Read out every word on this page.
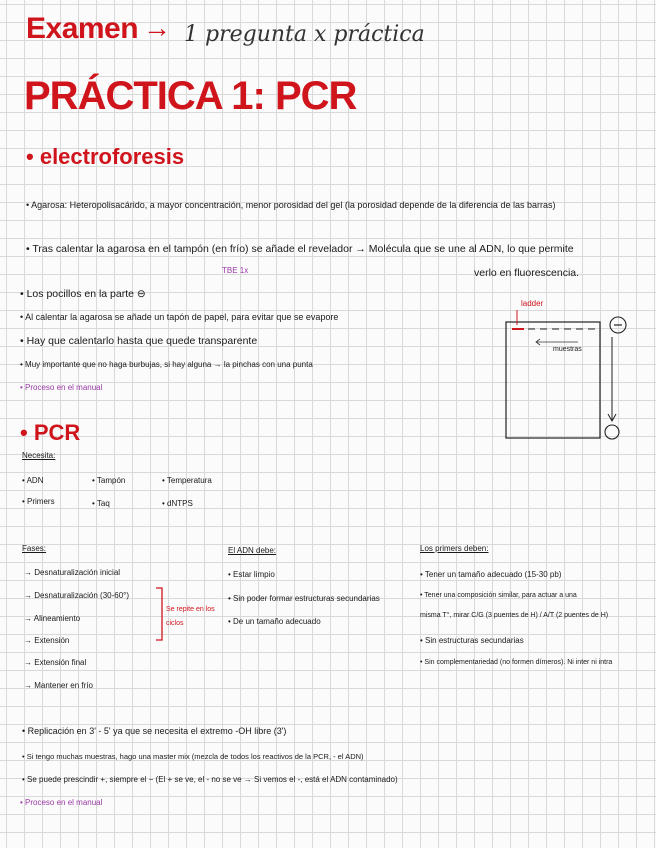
Examen → 1 pregunta x práctica
PRÁCTICA 1: PCR
• electroforesis
• Agarosa: Heteropolisacárido, a mayor concentración, menor porosidad del gel (la porosidad depende de la diferencia de las barras)
• Tras calentar la agarosa en el tampón (en frío) se añade el revelador → Molécula que se une al ADN, lo que permite
TBE 1x	verlo en fluorescencia.
• Los pocillos en la parte ⊖
• Al calentar la agarosa se añade un tapón de papel, para evitar que se evapore
• Hay que calentarlo hasta que quede transparente
• Muy importante que no haga burbujas, si hay alguna → la pinchas con una punta
• Proceso en el manual
ladder
muestras
• PCR
Necesita:
• ADN	• Tampón	• Temperatura
• Primers	• Taq	• dNTPS
Fases:
→ Desnaturalización inicial
→ Desnaturalización (30-60°)
→ Alineamiento
→ Extensión
→ Extensión final
→ Mantener en frío
Se repite en los ciclos
El ADN debe:
• Estar limpio
• Sin poder formar estructuras secundarias
• De un tamaño adecuado
Los primers deben:
• Tener un tamaño adecuado (15-30 pb)
• Tener una composición similar, para actuar a una
misma T°, mirar C/G (3 puentes de H) / A/T (2 puentes de H)
• Sin estructuras secundarias
• Sin complementariedad (no formen dímeros). Ni inter ni intra
• Replicación en 3' - 5' ya que se necesita el extremo -OH libre (3')
• Si tengo muchas muestras, hago una master mix (mezcla de todos los reactivos de la PCR, - el ADN)
• Se puede prescindir +, siempre el − (El + se ve, el - no se ve → Si vemos el -, está el ADN contaminado)
• Proceso en el manual
